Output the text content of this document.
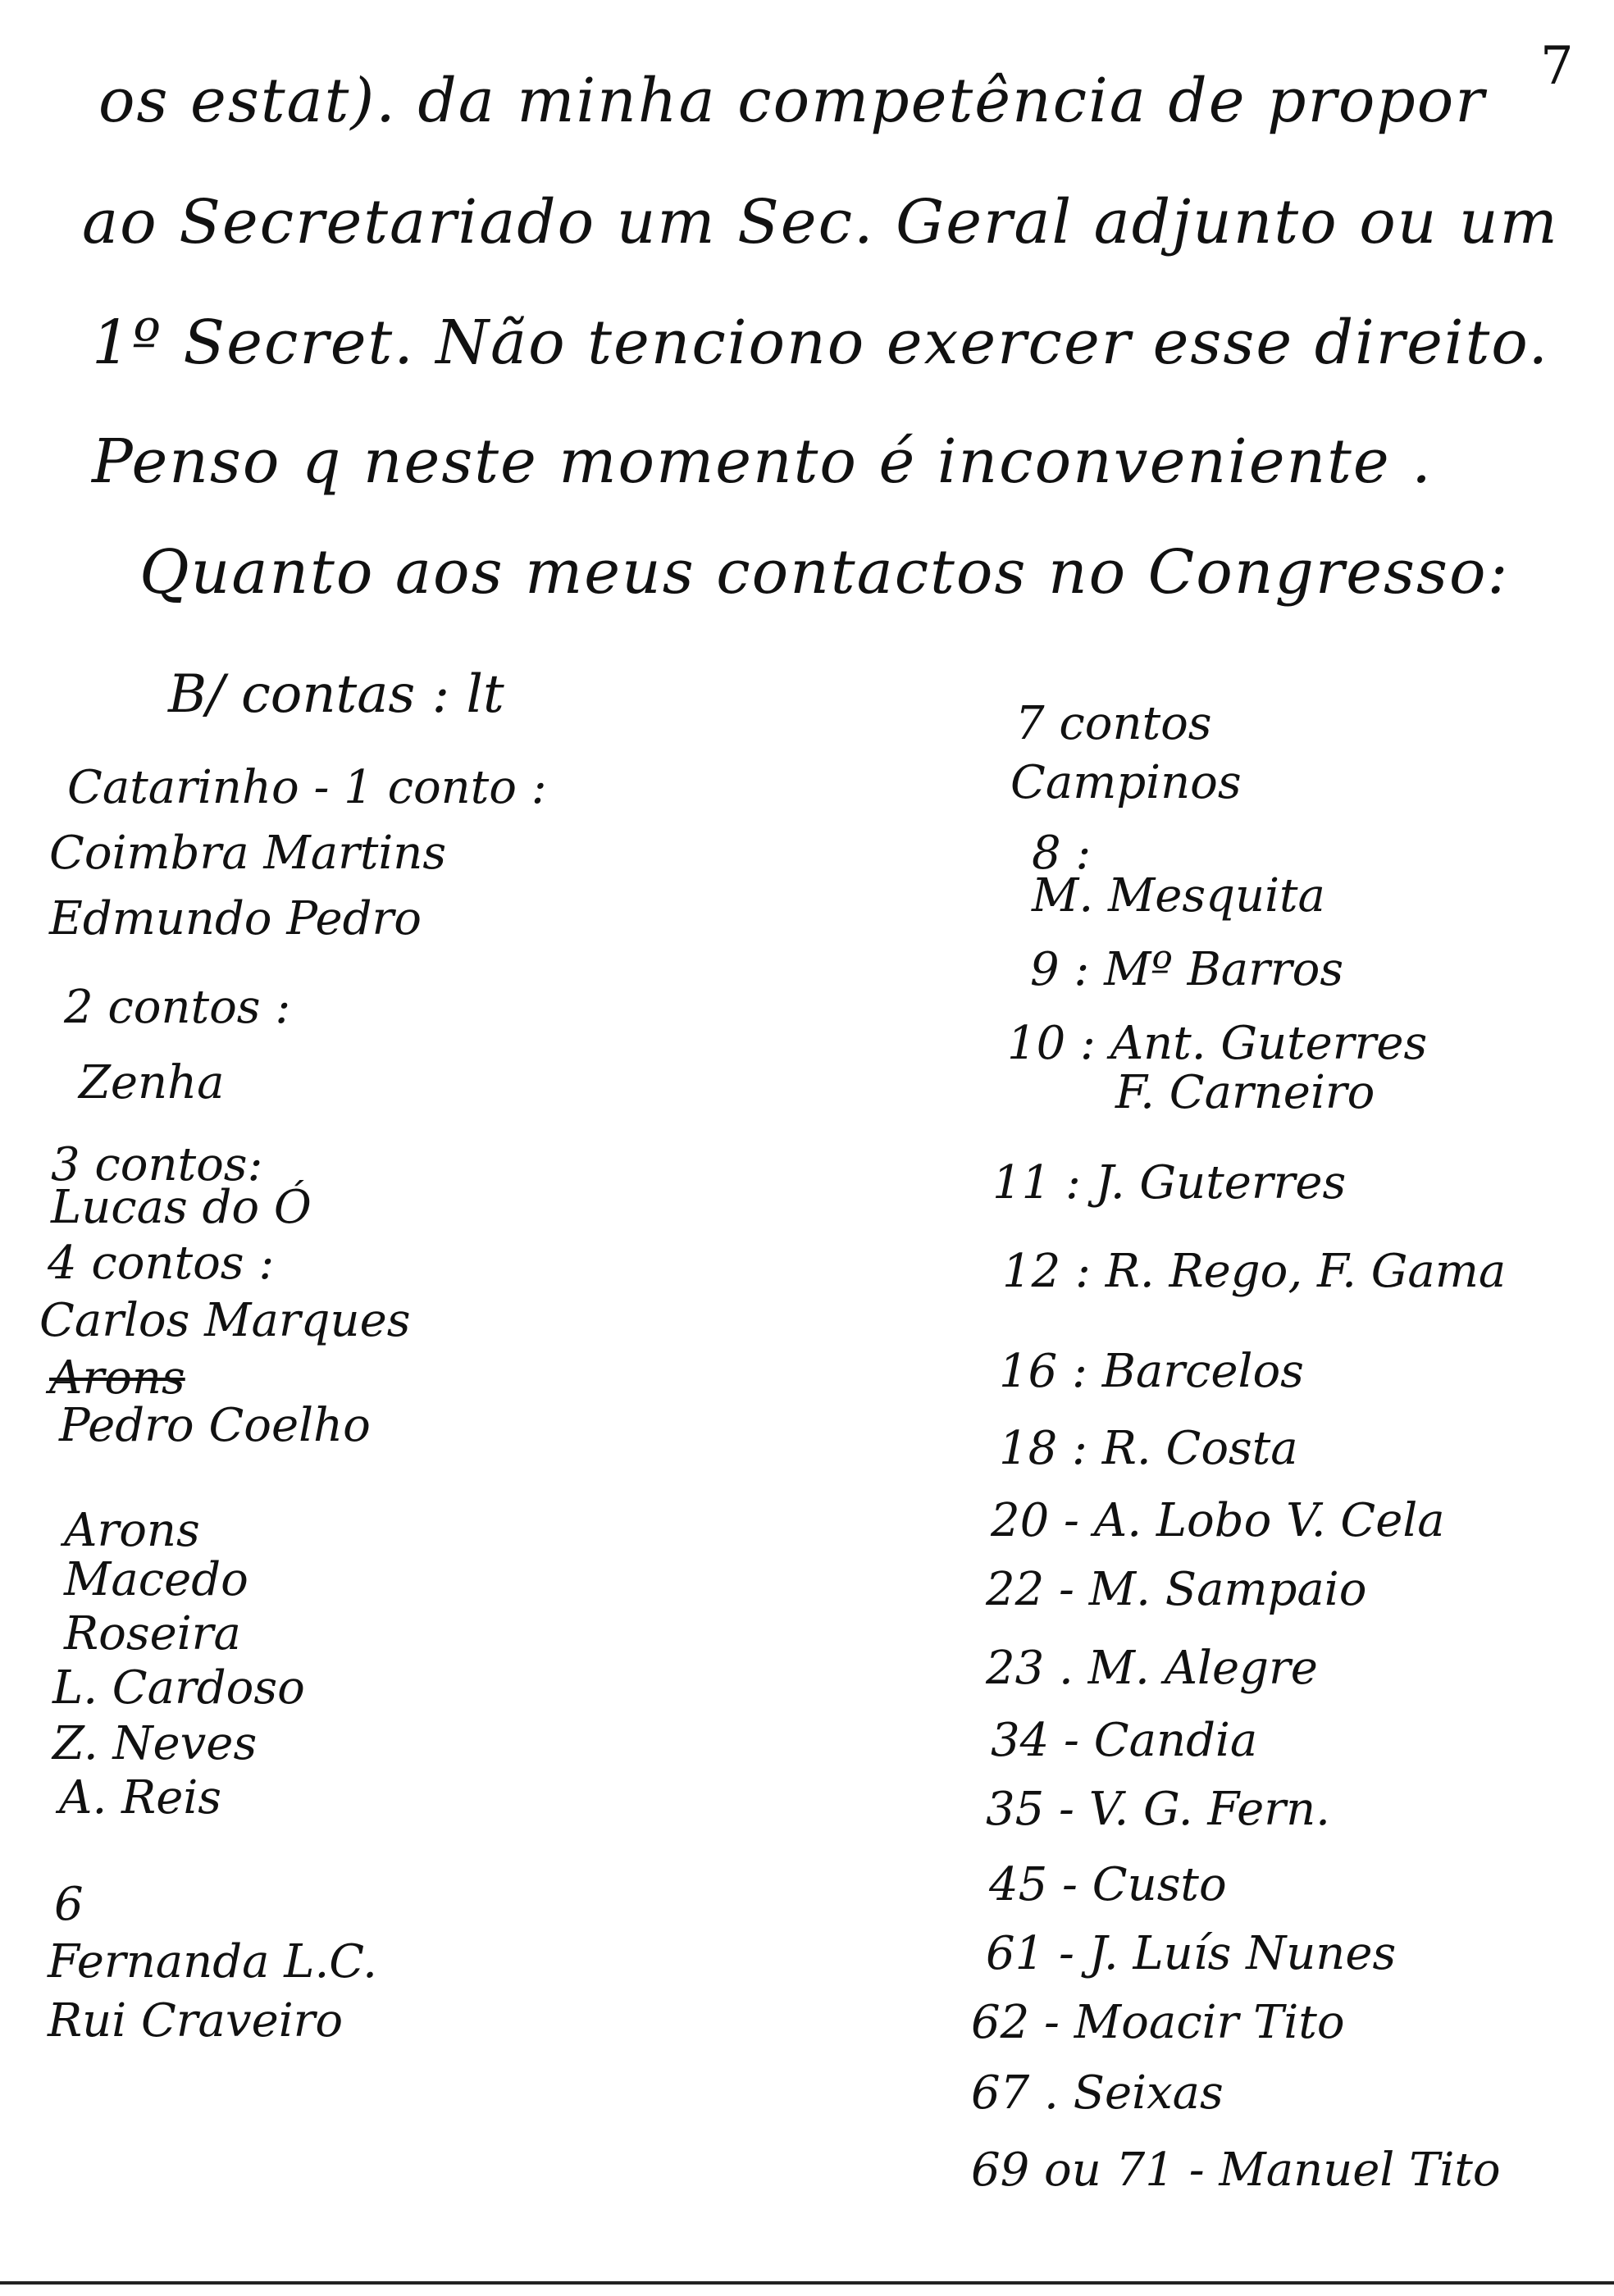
7
os estat). da minha competência de propor
ao Secretariado um Sec. Geral adjunto ou um
1º Secret. Não tenciono exercer esse direito.
Penso q neste momento é inconveniente .
Quanto aos meus contactos no Congresso:
B/ contas : lt
Catarinho - 1 conto :
Coimbra Martins
Edmundo Pedro
2 contos :
Zenha
3 contos:
Lucas do Ó
4 contos :
Carlos Marques
Arons
Pedro Coelho
Arons
Macedo
Roseira
L. Cardoso
Z. Neves
A. Reis
6
Fernanda L.C.
Rui Craveiro
7 contos
Campinos
8 :
M. Mesquita
9 : Mº Barros
10 : Ant. Guterres
F. Carneiro
11 : J. Guterres
12 : R. Rego, F. Gama
16 : Barcelos
18 : R. Costa
20 - A. Lobo V. Cela
22 - M. Sampaio
23 . M. Alegre
34 - Candia
35 - V. G. Fern.
45 - Custo
61 - J. Luís Nunes
62 - Moacir Tito
67 . Seixas
69 ou 71 - Manuel Tito
